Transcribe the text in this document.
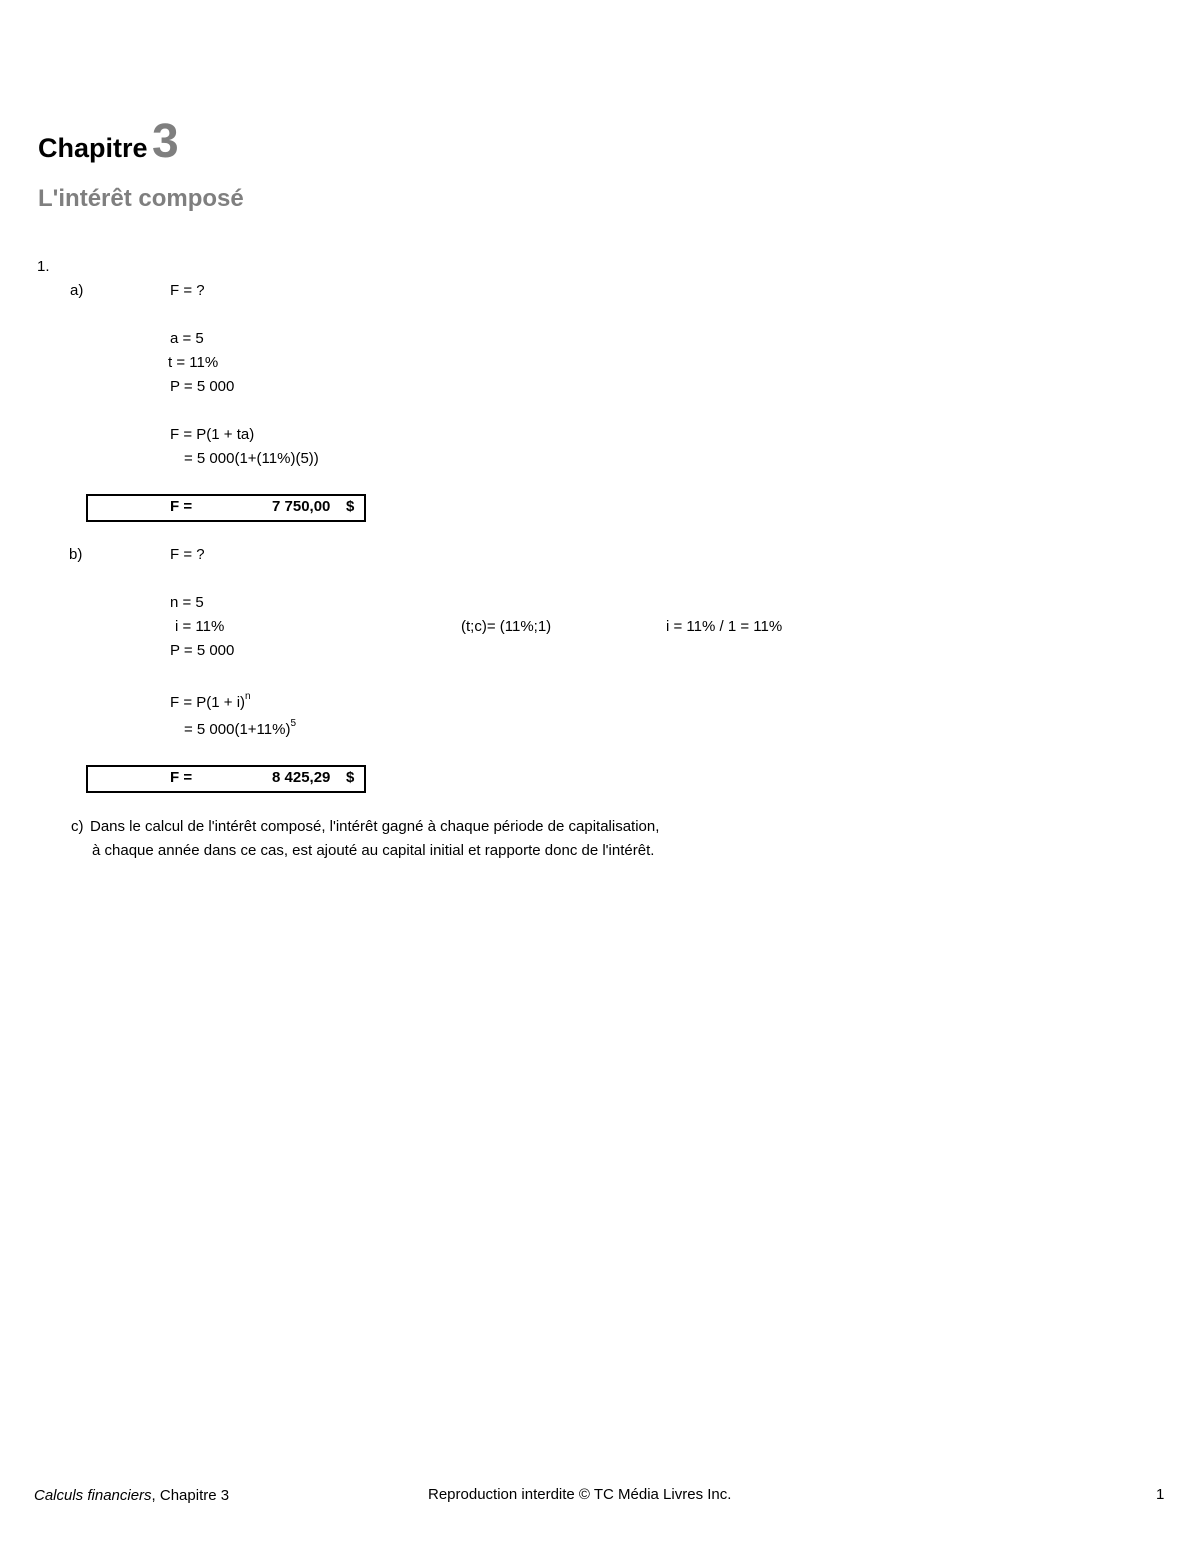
Chapitre 3
L'intérêt composé
1.
a)	F = ?
a = 5
t = 11%
P = 5 000
F = P(1 + ta)
= 5 000(1+(11%)(5))
F =	7 750,00 $
b)	F = ?
n = 5
i = 11%	(t;c)= (11%;1)	i = 11% / 1 = 11%
P = 5 000
$F = P(1 + i)^n$
= 5 $000(1+11\%)^5$
F =	8 425,29 $
c) Dans le calcul de l'intérêt composé, l'intérêt gagné à chaque période de capitalisation,
à chaque année dans ce cas, est ajouté au capital initial et rapporte donc de l'intérêt.
Calculs financiers, Chapitre 3	Reproduction interdite © TC Média Livres Inc.	1
